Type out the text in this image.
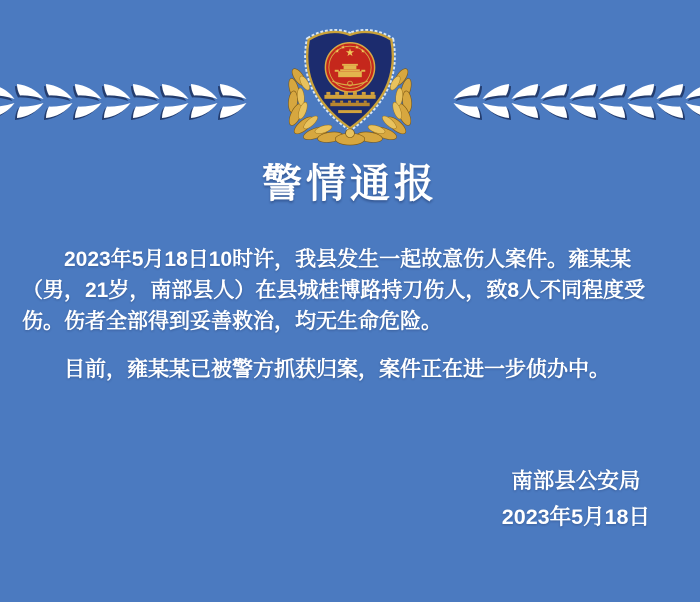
警情通报

2023年5月18日10时许，我县发生一起故意伤人案件。雍某某（男，21岁，南部县人）在县城桂博路持刀伤人，致8人不同程度受伤。伤者全部得到妥善救治，均无生命危险。

目前，雍某某已被警方抓获归案，案件正在进一步侦办中。

南部县公安局
2023年5月18日
